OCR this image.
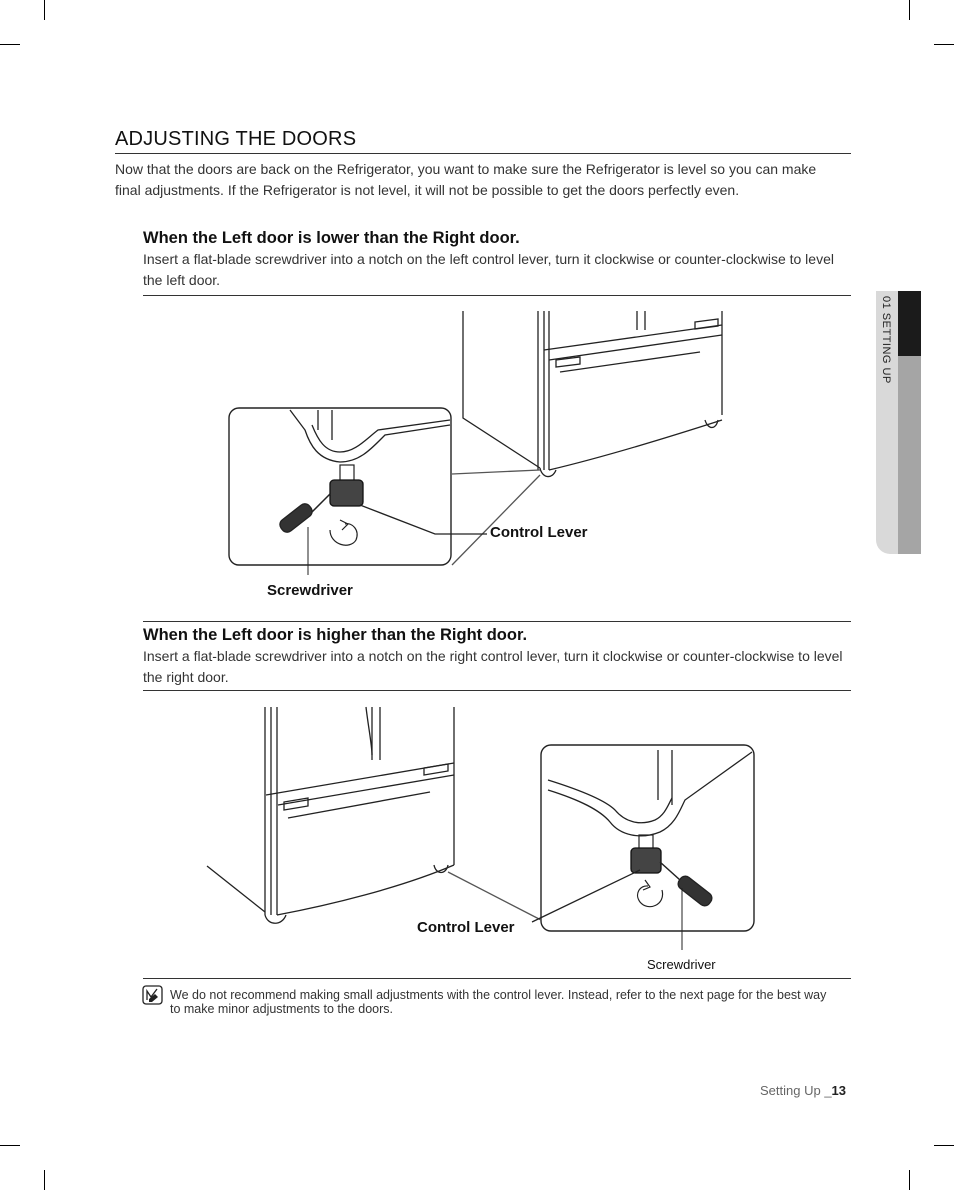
ADJUSTING THE DOORS
Now that the doors are back on the Refrigerator, you want to make sure the Refrigerator is level so you can make final adjustments. If the Refrigerator is not level, it will not be possible to get the doors perfectly even.
When the Left door is lower than the Right door.
Insert a flat-blade screwdriver into a notch on the left control lever, turn it clockwise or counter-clockwise to level the left door.
Control Lever
Screwdriver
When the Left door is higher than the Right door.
Insert a flat-blade screwdriver into a notch on the right control lever, turn it clockwise or counter-clockwise to level the right door.
Control Lever
Screwdriver
We do not recommend making small adjustments with the control lever. Instead, refer to the next page for the best way to make minor adjustments to the doors.
01 SETTING UP
Setting Up _13
